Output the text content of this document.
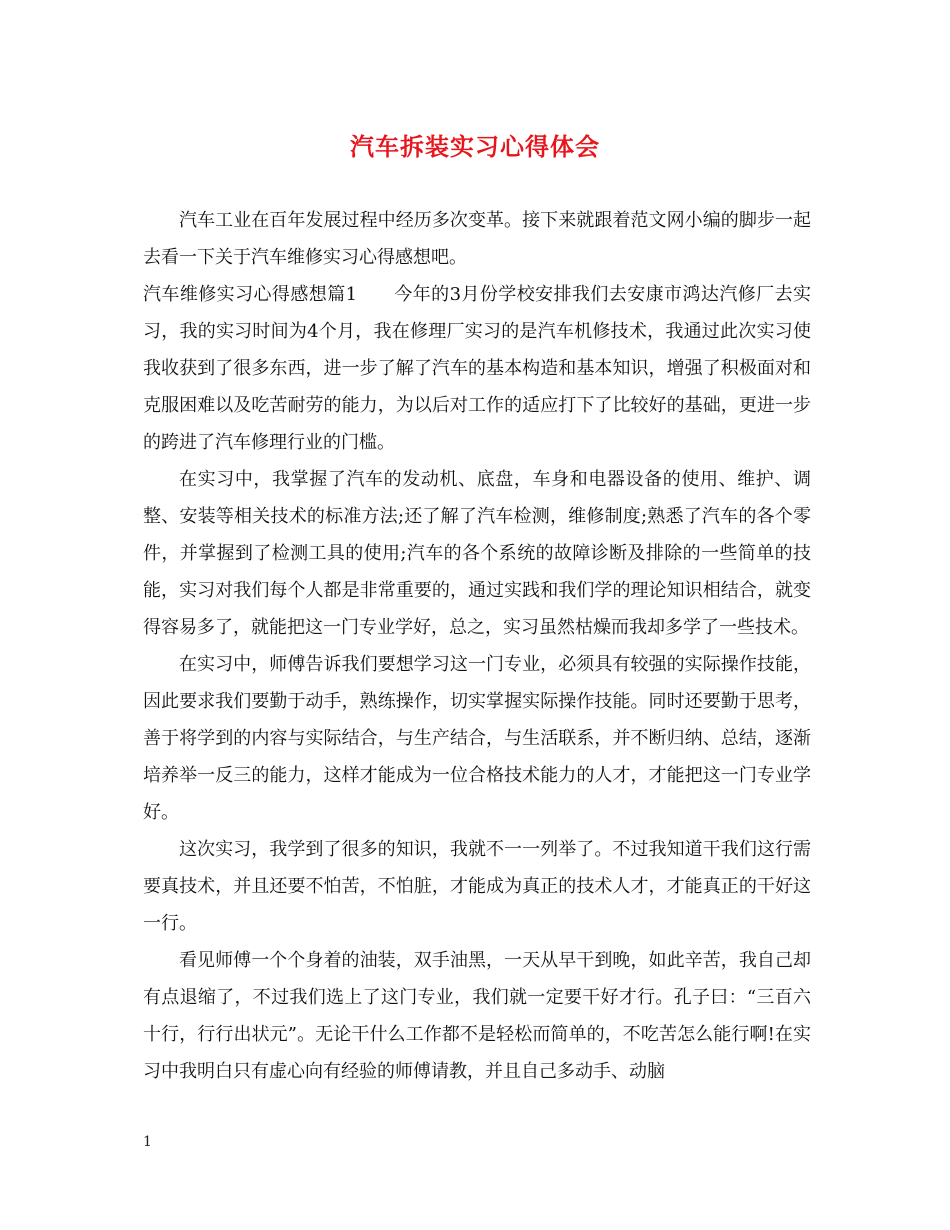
汽车拆装实习心得体会

汽车工业在百年发展过程中经历多次变革。接下来就跟着范文网小编的脚步一起去看一下关于汽车维修实习心得感想吧。

汽车维修实习心得感想篇1　　今年的3月份学校安排我们去安康市鸿达汽修厂去实习，我的实习时间为4个月，我在修理厂实习的是汽车机修技术，我通过此次实习使我收获到了很多东西，进一步了解了汽车的基本构造和基本知识，增强了积极面对和克服困难以及吃苦耐劳的能力，为以后对工作的适应打下了比较好的基础，更进一步的跨进了汽车修理行业的门槛。

在实习中，我掌握了汽车的发动机、底盘，车身和电器设备的使用、维护、调整、安装等相关技术的标准方法;还了解了汽车检测，维修制度;熟悉了汽车的各个零件，并掌握到了检测工具的使用;汽车的各个系统的故障诊断及排除的一些简单的技能，实习对我们每个人都是非常重要的，通过实践和我们学的理论知识相结合，就变得容易多了，就能把这一门专业学好，总之，实习虽然枯燥而我却多学了一些技术。

在实习中，师傅告诉我们要想学习这一门专业，必须具有较强的实际操作技能，因此要求我们要勤于动手，熟练操作，切实掌握实际操作技能。同时还要勤于思考，善于将学到的内容与实际结合，与生产结合，与生活联系，并不断归纳、总结，逐渐培养举一反三的能力，这样才能成为一位合格技术能力的人才，才能把这一门专业学好。

这次实习，我学到了很多的知识，我就不一一列举了。不过我知道干我们这行需要真技术，并且还要不怕苦，不怕脏，才能成为真正的技术人才，才能真正的干好这一行。

看见师傅一个个身着的油装，双手油黑，一天从早干到晚，如此辛苦，我自己却有点退缩了，不过我们选上了这门专业，我们就一定要干好才行。孔子曰：“三百六十行，行行出状元”。无论干什么工作都不是轻松而简单的，不吃苦怎么能行啊!在实习中我明白只有虚心向有经验的师傅请教，并且自己多动手、动脑

1
